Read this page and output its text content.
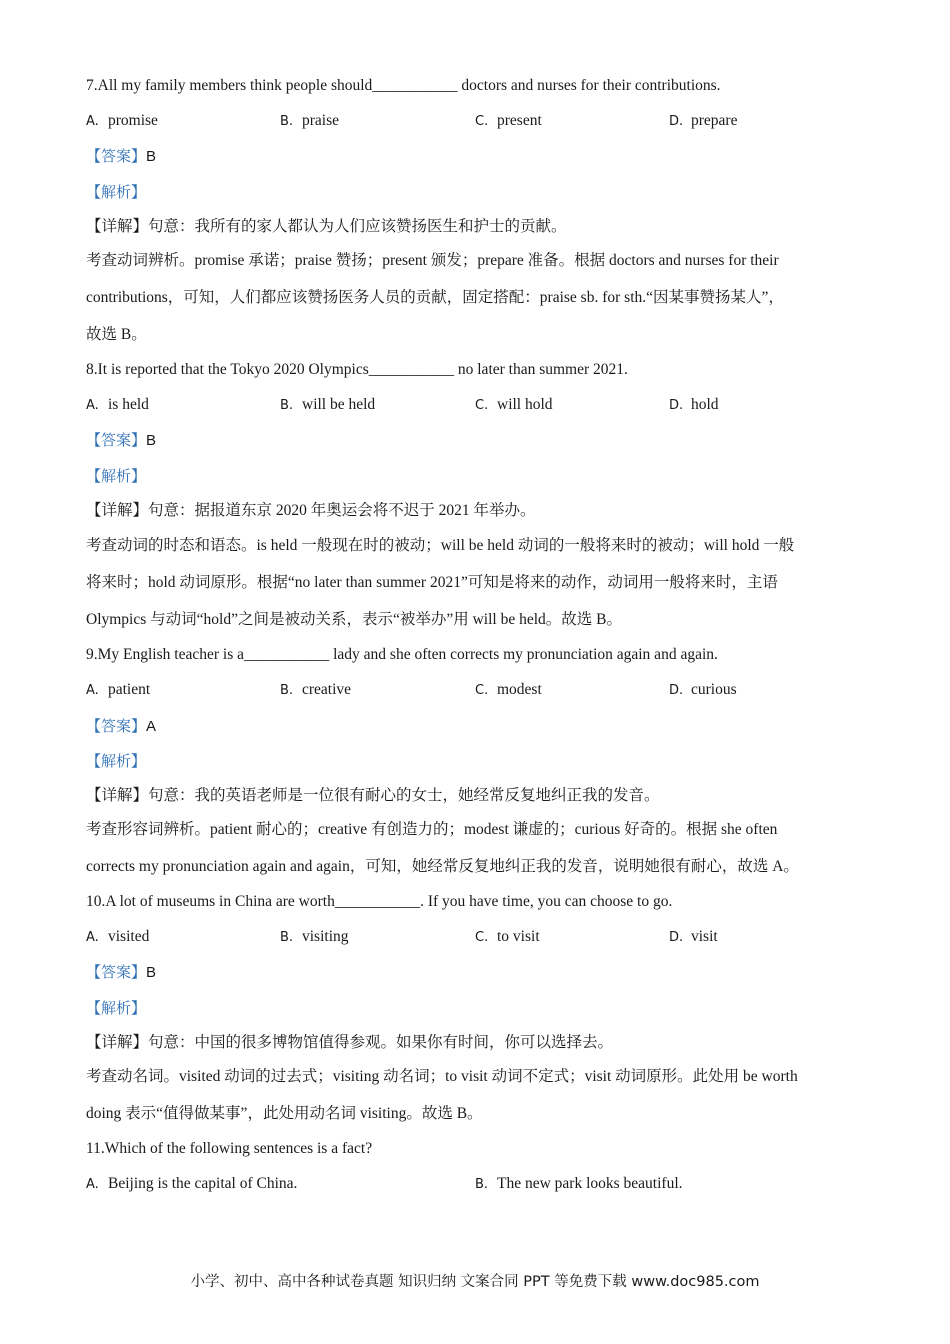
7.All my family members think people should___________ doctors and nurses for their contributions.
A. promise	B. praise	C. present	D. prepare
【答案】B
【解析】
【详解】句意：我所有的家人都认为人们应该赞扬医生和护士的贡献。
考查动词辨析。promise 承诺；praise 赞扬；present 颁发；prepare 准备。根据 doctors and nurses for their
contributions，可知，人们都应该赞扬医务人员的贡献，固定搭配：praise sb. for sth.“因某事赞扬某人”，
故选 B。
8.It is reported that the Tokyo 2020 Olympics___________ no later than summer 2021.
A. is held	B. will be held	C. will hold	D. hold
【答案】B
【解析】
【详解】句意：据报道东京 2020 年奥运会将不迟于 2021 年举办。
考查动词的时态和语态。is held 一般现在时的被动；will be held 动词的一般将来时的被动；will hold 一般
将来时；hold 动词原形。根据“no later than summer 2021”可知是将来的动作，动词用一般将来时，主语
Olympics 与动词“hold”之间是被动关系，表示“被举办”用 will be held。故选 B。
9.My English teacher is a___________ lady and she often corrects my pronunciation again and again.
A. patient	B. creative	C. modest	D. curious
【答案】A
【解析】
【详解】句意：我的英语老师是一位很有耐心的女士，她经常反复地纠正我的发音。
考查形容词辨析。patient 耐心的；creative 有创造力的；modest 谦虚的；curious 好奇的。根据 she often
corrects my pronunciation again and again，可知，她经常反复地纠正我的发音，说明她很有耐心，故选 A。
10.A lot of museums in China are worth___________. If you have time, you can choose to go.
A. visited	B. visiting	C. to visit	D. visit
【答案】B
【解析】
【详解】句意：中国的很多博物馆值得参观。如果你有时间，你可以选择去。
考查动名词。visited 动词的过去式；visiting 动名词；to visit 动词不定式；visit 动词原形。此处用 be worth
doing 表示“值得做某事”，此处用动名词 visiting。故选 B。
11.Which of the following sentences is a fact?
A. Beijing is the capital of China.	B. The new park looks beautiful.
小学、初中、高中各种试卷真题 知识归纳 文案合同 PPT 等免费下载 www.doc985.com
